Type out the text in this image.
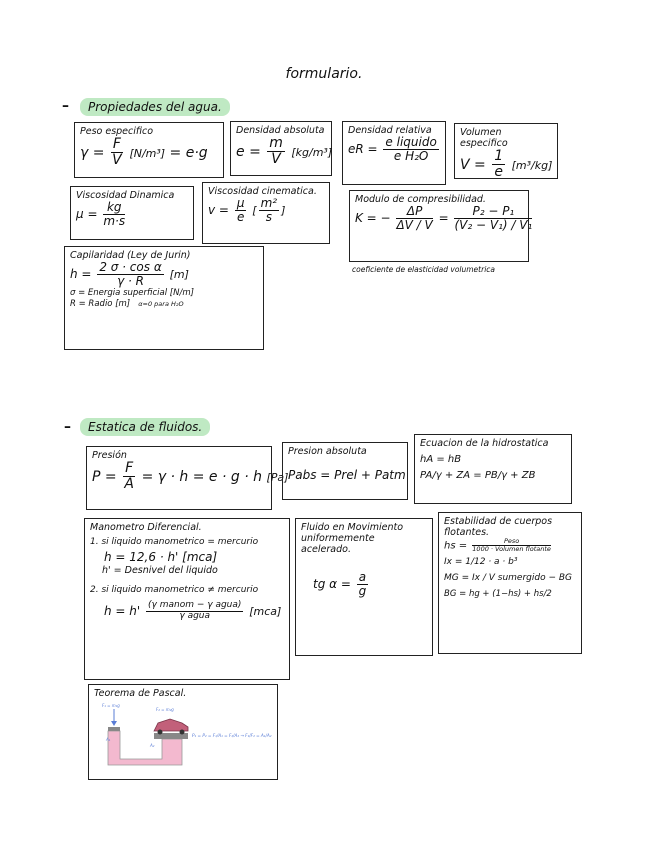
formulario.
–	Propiedades del agua.
Peso especifico
$\gamma = \frac{F}{V} [N/m^3] = e\cdot g$
Densidad absoluta
$e = \frac{m}{V} [kg/m^3]$
Densidad relativa
eR = $\frac{\text{e liquido}}{\text{e H₂O}}$
Volumen especifico
$V = \frac{1}{e} [m^3/kg]$
Viscosidad Dinamica
$\mu = \frac{kg}{m\cdot s}$
Viscosidad cinematica.
$v = \frac{\mu}{e}$ [ $\frac{\text{m²}}{s}$ ]
Modulo de compresibilidad.
K = − $\frac{\Delta P}{\Delta V / V} = \frac{\text{P₂ − P₁}}{\text{(V₂ − V₁) / V₁}}$
coeficiente de elasticidad volumetrica
Capilaridad (Ley de Jurin)
$h = \frac{\text{2 σ · cos α}}{\gamma \cdot R} [m]$
σ = Energia superficial [N/m]
R = Radio [m] α=0 para H₂O
–	Estatica de fluidos.
Presión
$P = \frac{F}{A} = \gamma \cdot h = e \cdot g \cdot h$ [Pa]
Presion absoluta
Pabs = Prel + Patm
Ecuacion de la hidrostatica
hA = hB
PA/γ + ZA = PB/γ + ZB
Manometro Diferencial.
1. si liquido manometrico = mercurio
h = 12,6 · h' [mca]
h' = Desnivel del liquido
2. si liquido manometrico ≠ mercurio
$h = h' \frac{\text{(γ manom − γ agua)}}{\text{γ agua}} [mca]$
Fluido en Movimiento uniformemente acelerado.
tg $\alpha = \frac{a}{g}$
Estabilidad de cuerpos flotantes.
hs = $\frac{\text{Peso}}{\text{1000 · Volumen flotante}}$
Ix = 1/12 · a · b³
MG = Ix / V sumergido − BG
BG = hg + (1−hs) + hs/2
Teorema de Pascal.
F₁ = m₁g
F₂ = m₂g
A₁
A₂
P₁ = P₂ = F₁/A₁ = F₂/A₂ → F₁/F₂ = A₁/A₂
